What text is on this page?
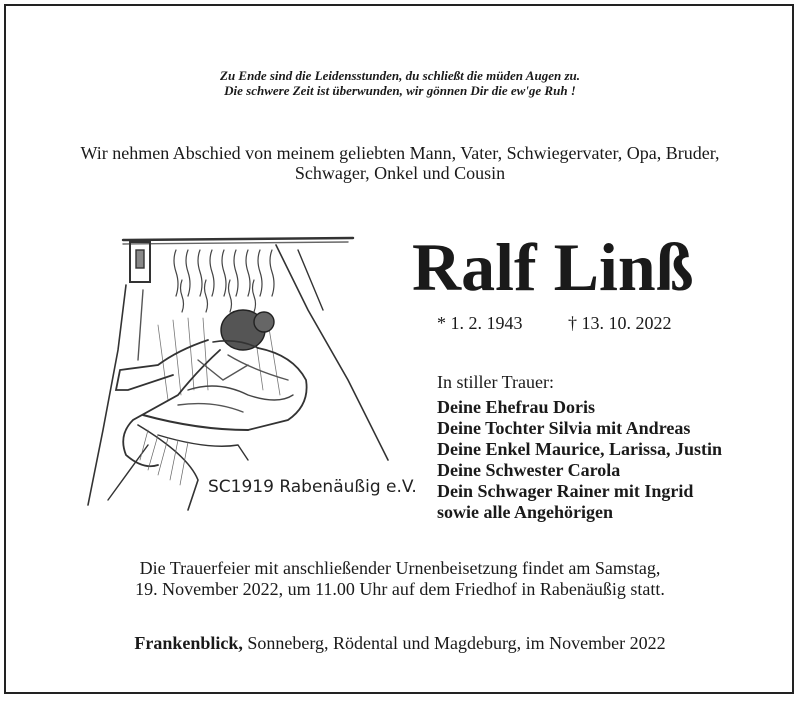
Zu Ende sind die Leidensstunden, du schließt die müden Augen zu.
Die schwere Zeit ist überwunden, wir gönnen Dir die ew'ge Ruh !
Wir nehmen Abschied von meinem geliebten Mann, Vater, Schwiegervater, Opa, Bruder,
Schwager, Onkel und Cousin
SC1919 Rabenäußig e.V.
Ralf Linß
* 1. 2. 1943	† 13. 10. 2022
In stiller Trauer:
Deine Ehefrau Doris
Deine Tochter Silvia mit Andreas
Deine Enkel Maurice, Larissa, Justin
Deine Schwester Carola
Dein Schwager Rainer mit Ingrid
sowie alle Angehörigen
Die Trauerfeier mit anschließender Urnenbeisetzung findet am Samstag,
19. November 2022, um 11.00 Uhr auf dem Friedhof in Rabenäußig statt.
Frankenblick, Sonneberg, Rödental und Magdeburg, im November 2022
